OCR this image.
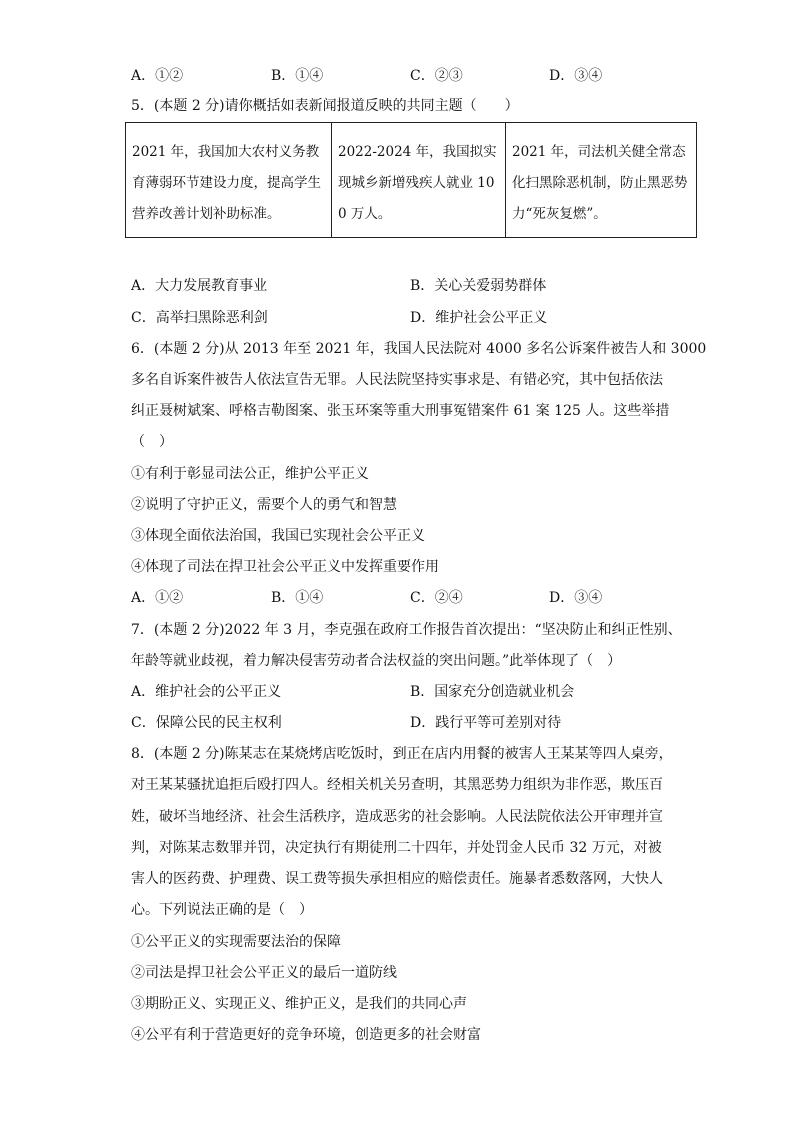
A．①②	B．①④	C．②③	D．③④
5．(本题 2 分)请你概括如表新闻报道反映的共同主题（　　）
2021 年，我国加大农村义务教育薄弱环节建设力度，提高学生营养改善计划补助标准。	2022-2024 年，我国拟实现城乡新增残疾人就业 100 万人。	2021 年，司法机关健全常态化扫黑除恶机制，防止黑恶势力“死灰复燃”。
A．大力发展教育事业	B．关心关爱弱势群体
C．高举扫黑除恶利剑	D．维护社会公平正义
6．(本题 2 分)从 2013 年至 2021 年，我国人民法院对 4000 多名公诉案件被告人和 3000
多名自诉案件被告人依法宣告无罪。人民法院坚持实事求是、有错必究，其中包括依法
纠正聂树斌案、呼格吉勒图案、张玉环案等重大刑事冤错案件 61 案 125 人。这些举措
（　）
①有利于彰显司法公正，维护公平正义
②说明了守护正义，需要个人的勇气和智慧
③体现全面依法治国，我国已实现社会公平正义
④体现了司法在捍卫社会公平正义中发挥重要作用
A．①②	B．①④	C．②④	D．③④
7．(本题 2 分)2022 年 3 月，李克强在政府工作报告首次提出：“坚决防止和纠正性别、
年龄等就业歧视，着力解决侵害劳动者合法权益的突出问题。”此举体现了（　）
A．维护社会的公平正义	B．国家充分创造就业机会
C．保障公民的民主权利	D．践行平等可差别对待
8．(本题 2 分)陈某志在某烧烤店吃饭时，到正在店内用餐的被害人王某某等四人桌旁，
对王某某骚扰追拒后殴打四人。经相关机关另查明，其黑恶势力组织为非作恶，欺压百
姓，破坏当地经济、社会生活秩序，造成恶劣的社会影响。人民法院依法公开审理并宣
判，对陈某志数罪并罚，决定执行有期徒刑二十四年，并处罚金人民币 32 万元，对被
害人的医药费、护理费、误工费等损失承担相应的赔偿责任。施暴者悉数落网，大快人
心。下列说法正确的是（　）
①公平正义的实现需要法治的保障
②司法是捍卫社会公平正义的最后一道防线
③期盼正义、实现正义、维护正义，是我们的共同心声
④公平有利于营造更好的竞争环境，创造更多的社会财富
